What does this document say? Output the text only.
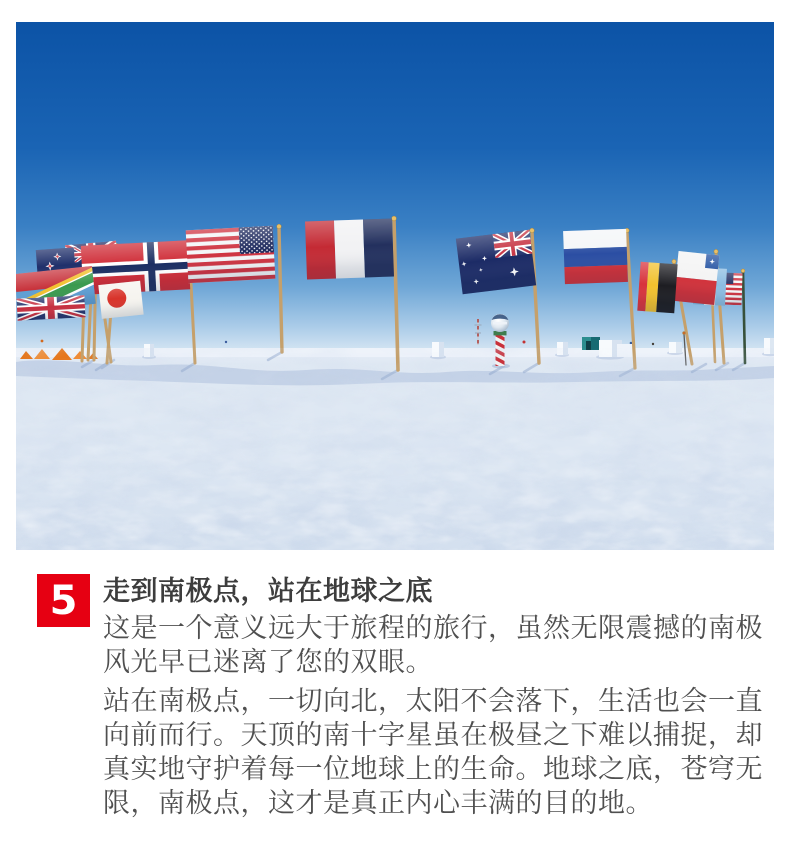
5 走到南极点，站在地球之底

这是一个意义远大于旅程的旅行，虽然无限震撼的南极风光早已迷离了您的双眼。

站在南极点，一切向北，太阳不会落下，生活也会一直向前而行。天顶的南十字星虽在极昼之下难以捕捉，却真实地守护着每一位地球上的生命。地球之底，苍穹无限，南极点，这才是真正内心丰满的目的地。
